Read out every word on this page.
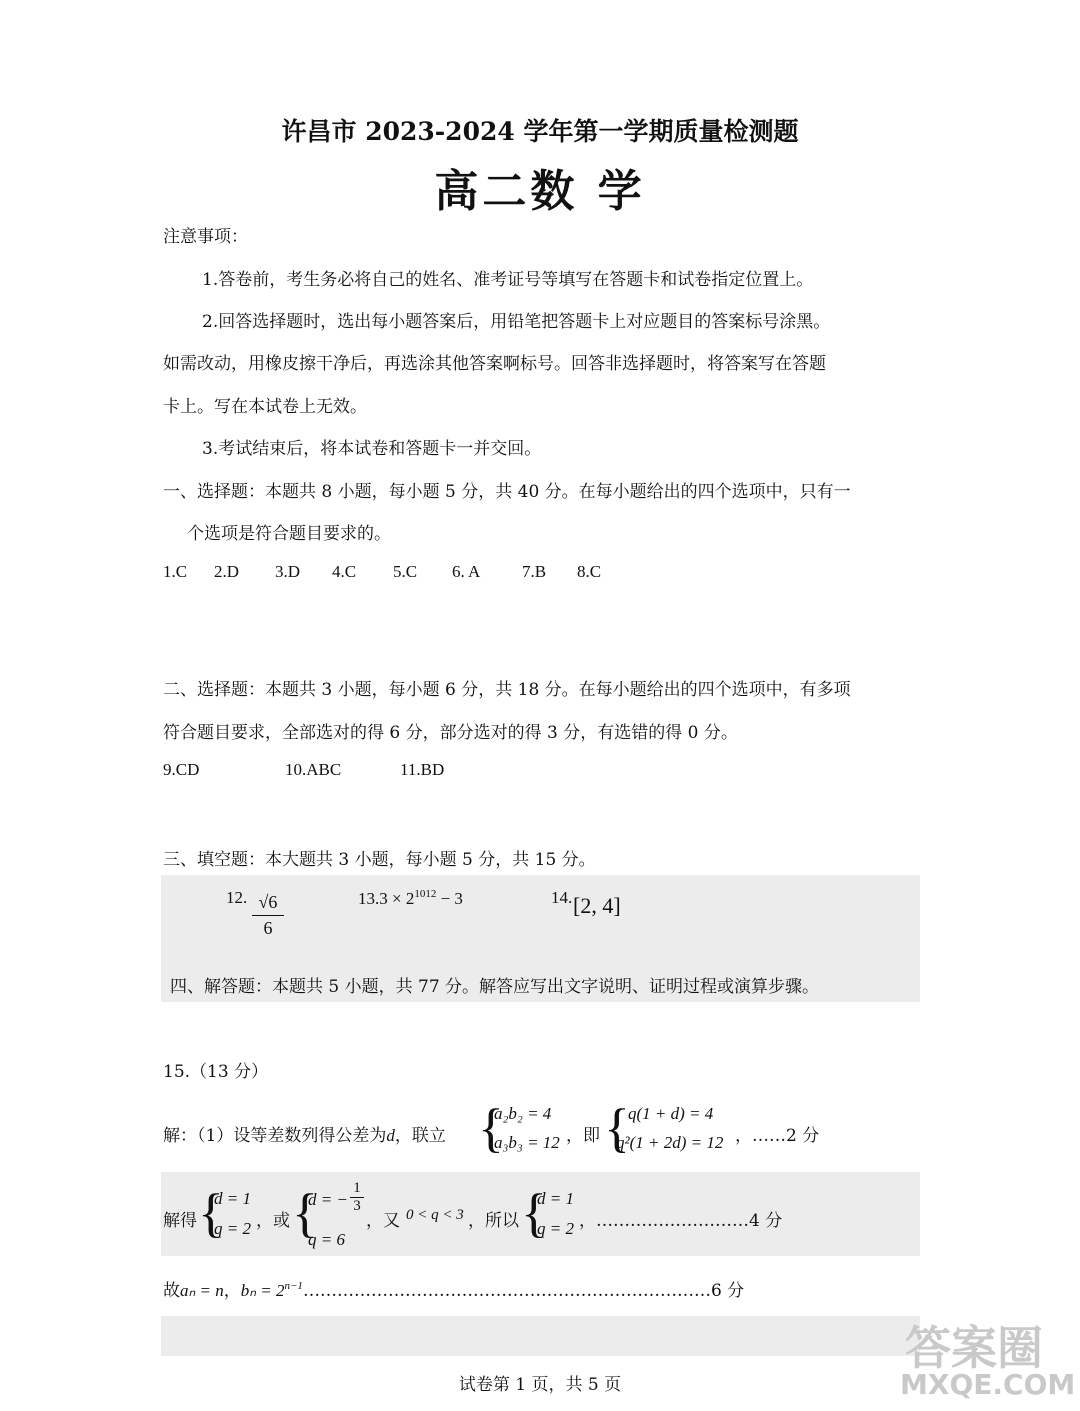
许昌市 2023-2024 学年第一学期质量检测题
高二数 学
注意事项：
1.答卷前，考生务必将自己的姓名、准考证号等填写在答题卡和试卷指定位置上。
2.回答选择题时，选出每小题答案后，用铅笔把答题卡上对应题目的答案标号涂黑。
如需改动，用橡皮擦干净后，再选涂其他答案啊标号。回答非选择题时，将答案写在答题
卡上。写在本试卷上无效。
3.考试结束后，将本试卷和答题卡一并交回。
一、选择题：本题共 8 小题，每小题 5 分，共 40 分。在每小题给出的四个选项中，只有一
个选项是符合题目要求的。
1.C 2.D 3.D 4.C 5.C 6. A 7.B 8.C
二、选择题：本题共 3 小题，每小题 6 分，共 18 分。在每小题给出的四个选项中，有多项
符合题目要求，全部选对的得 6 分，部分选对的得 3 分，有选错的得 0 分。
9.CD	10.ABC	11.BD
三、填空题：本大题共 3 小题，每小题 5 分，共 15 分。
12. $\frac{√6}{6}$	$13.3 \times 2^{1012} - 3$	14. [2, 4]
四、解答题：本题共 5 小题，共 77 分。解答应写出文字说明、证明过程或演算步骤。
15.（13 分）
解：（1）设等差数列得公差为d，联立 {
a₂b₂ = 4
a₃b₃ = 12 ，即 {
q(1 + d) = 4
q²(1 + 2d) = 12 ，……2 分
解得 {
d = 1
q = 2 ，或 {
d = − $\frac{1}{3}$
q = 6
，又 0 < q < 3 ，所以 {
d = 1
q = 2 ，………………………4 分
故aₙ = n，$b_n = 2^{n-1}\dots\dots\dots\dots\dots\dots\dots\dots\dots\dots\dots\dots\dots\dots\dots\dots\dots\dots\dots\dots\dots\dots\dots\dots 6$ 分
试卷第 1 页，共 5 页
答案圈
MXQE.COM
